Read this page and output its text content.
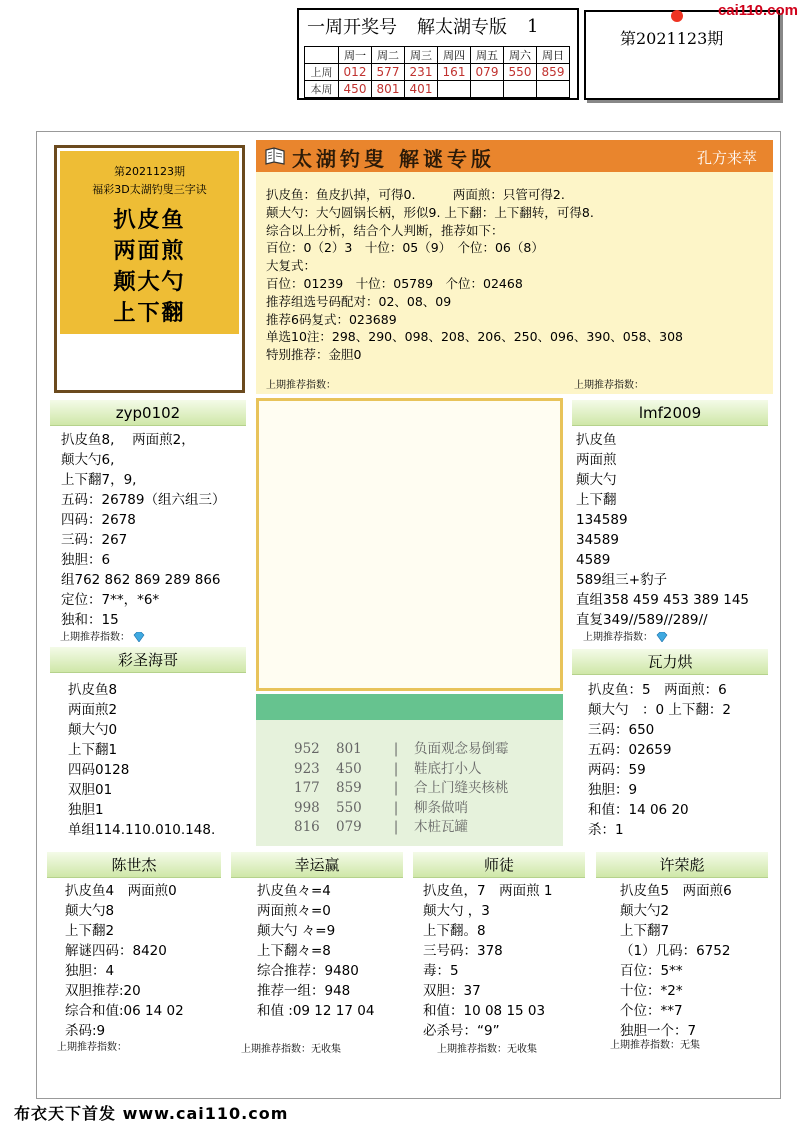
一周开奖号 解太湖专版 1
	周一	周二	周三	周四	周五	周六	周日
上周	012	577	231	161	079	550	859
本周	450	801	401				
第2021123期
cai110.com
第2021123期
福彩3D太湖钓叟三字诀
扒皮鱼
两面煎
颠大勺
上下翻
太湖钓叟 解谜专版	孔方来萃
扒皮鱼：鱼皮扒掉，可得0.　　　两面煎：只管可得2.
颠大勺：大勺圆锅长柄，形似9. 上下翻：上下翻转，可得8.
综合以上分析，结合个人判断，推荐如下：
百位：0（2）3　十位：05（9）　个位：06（8）
大复式：
百位：01239　十位：05789　个位：02468
推荐组选号码配对：02、08、09
推荐6码复式：023689
单选10注：298、290、098、208、206、250、096、390、058、308
特别推荐：金胆0
上期推荐指数：	上期推荐指数：
zyp0102
扒皮鱼8,　 两面煎2，
颠大勺6,
上下翻7，9,
五码：26789（组六组三）
四码：2678
三码：267
独胆：6
组762 862 869 289 866
定位：7**，*6*
独和：15
上期推荐指数：
lmf2009
扒皮鱼
两面煎
颠大勺
上下翻
134589
34589
4589
589组三+豹子
直组358 459 453 389 145
直复349//589//289//
上期推荐指数：
彩圣海哥
扒皮鱼8
两面煎2
颠大勺0
上下翻1
四码0128
双胆01
独胆1
单组114.110.010.148.
瓦力烘
扒皮鱼：5　两面煎：6
颠大勺　：0 上下翻：2
三码：650
五码：02659
两码：59
独胆：9
和值：14 06 20
杀：1
952 801 | 负面观念易倒霉
923 450 | 鞋底打小人
177 859 | 合上门缝夹核桃
998 550 | 柳条做哨
816 079 | 木桩瓦罐
陈世杰
扒皮鱼4　两面煎0
颠大勺8
上下翻2
解谜四码：8420
独胆：4
双胆推荐:20
综合和值:06 14 02
杀码:9
上期推荐指数：
幸运赢
扒皮鱼々=4
两面煎々=0
颠大勺 々=9
上下翻々=8
综合推荐：9480
推荐一组：948
和值 :09 12 17 04
上期推荐指数：无收集
师徒
扒皮鱼，7　两面煎 1
颠大勺 ，3
上下翻。8
三号码：378
毒：5
双胆：37
和值：10 08 15 03
必杀号：“9”
上期推荐指数：无收集
许荣彪
扒皮鱼5　两面煎6
颠大勺2
上下翻7
（1）几码：6752
百位：5**
十位：*2*
个位：**7
独胆一个：7
上期推荐指数：无集
布衣天下首发 www.cai110.com
